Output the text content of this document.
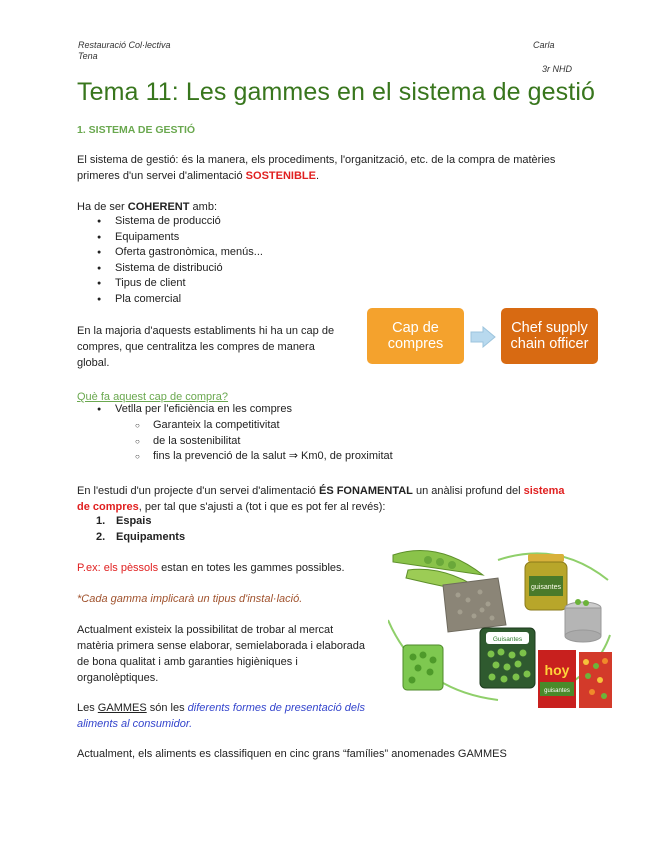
Restauració Col·lectiva
Tena
Carla
3r NHD
Tema 11: Les gammes en el sistema de gestió
1. SISTEMA DE GESTIÓ
El sistema de gestió: és la manera, els procediments, l'organització, etc. de la compra de matèries primeres d'un servei d'alimentació SOSTENIBLE.
Ha de ser COHERENT amb:
● Sistema de producció
● Equipaments
● Oferta gastronòmica, menús...
● Sistema de distribució
● Tipus de client
● Pla comercial
En la majoria d'aquests establiments hi ha un cap de compres, que centralitza les compres de manera global.
Cap de compres
Chef supply chain officer
Què fa aquest cap de compra?
● Vetlla per l'eficiència en les compres
○ Garanteix la competitivitat
○ de la sostenibilitat
○ fins la prevenció de la salut ⇒ Km0, de proximitat
En l'estudi d'un projecte d'un servei d'alimentació ÉS FONAMENTAL un anàlisi profund del sistema de compres, per tal que s'ajusti a (tot i que es pot fer al revés):
1. Espais
2. Equipaments
P.ex: els pèssols estan en totes les gammes possibles.
*Cada gamma implicarà un tipus d'instal·lació.
Actualment existeix la possibilitat de trobar al mercat matèria primera sense elaborar, semielaborada i elaborada de bona qualitat i amb garanties higièniques i organolèptiques.
Les GAMMES són les diferents formes de presentació dels aliments al consumidor.
Actualment, els aliments es classifiquen en cinc grans “famílies” anomenades GAMMES
guisantes
Guisantes
hoy
guisantes
